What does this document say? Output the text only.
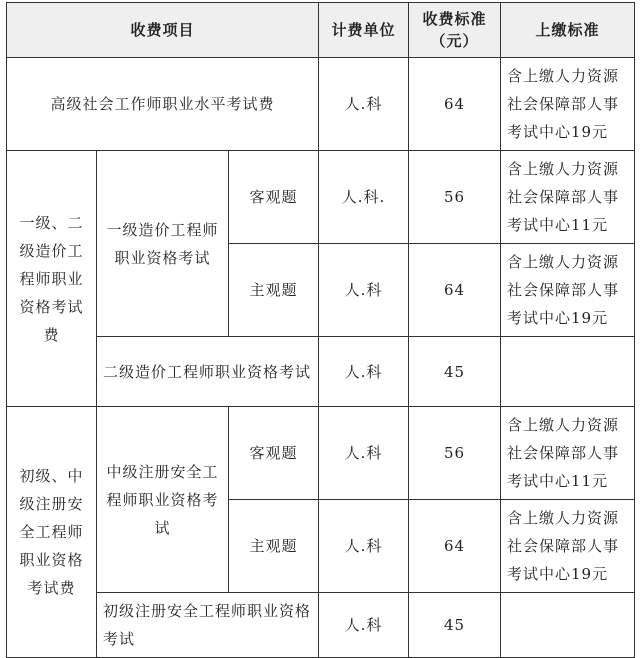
收费项目			计费单位	收费标准（元）	上缴标准
高级社会工作师职业水平考试费			人.科	64	含上缴人力资源社会保障部人事考试中心19元
一级、二级造价工程师职业资格考试费	一级造价工程师职业资格考试	客观题	人.科.	56	含上缴人力资源社会保障部人事考试中心11元
		主观题	人.科	64	含上缴人力资源社会保障部人事考试中心19元
	二级造价工程师职业资格考试		人.科	45	
初级、中级注册安全工程师职业资格考试费	中级注册安全工程师职业资格考试	客观题	人.科	56	含上缴人力资源社会保障部人事考试中心11元
		主观题	人.科	64	含上缴人力资源社会保障部人事考试中心19元
	初级注册安全工程师职业资格考试		人.科	45	
